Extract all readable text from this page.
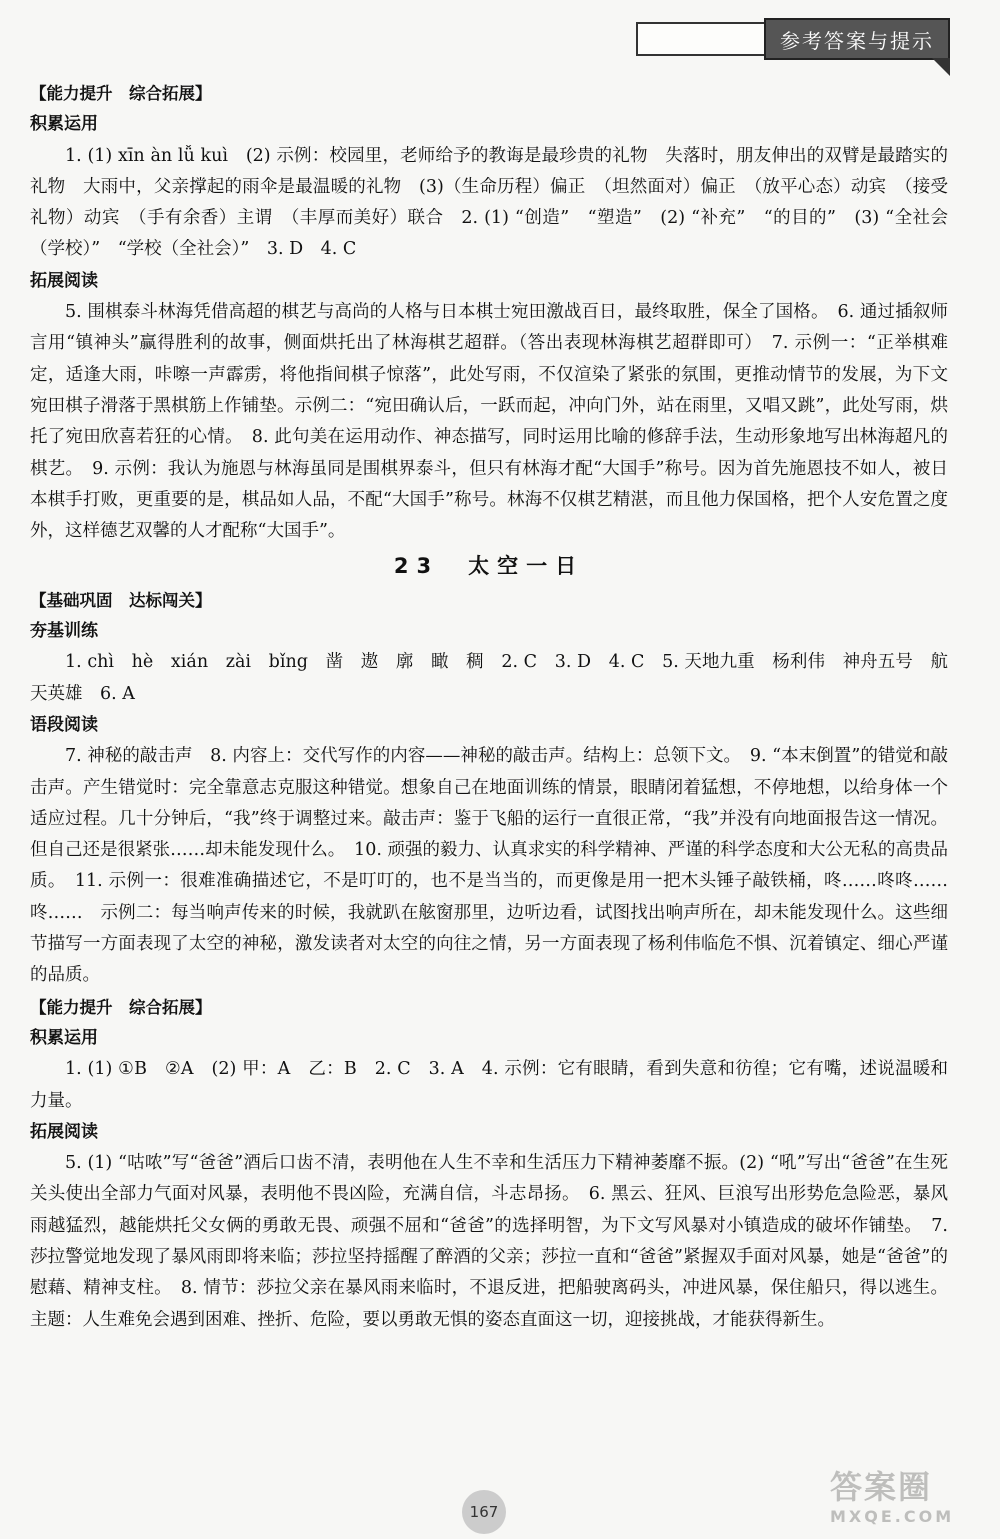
参考答案与提示
【能力提升　综合拓展】
积累运用
1. (1) xīn àn lǚ kuì　(2) 示例：校园里，老师给予的教诲是最珍贵的礼物　失落时，朋友伸出的双臂是最踏实的礼物　大雨中，父亲撑起的雨伞是最温暖的礼物　(3)（生命历程）偏正　（坦然面对）偏正　（放平心态）动宾　（接受礼物）动宾　（手有余香）主谓　（丰厚而美好）联合　2. (1) “创造”　“塑造”　(2) “补充”　“的目的”　(3) “全社会（学校）”　“学校（全社会）”　3. D　4. C
拓展阅读
5. 围棋泰斗林海凭借高超的棋艺与高尚的人格与日本棋士宛田激战百日，最终取胜，保全了国格。　6. 通过插叙师言用“镇神头”赢得胜利的故事，侧面烘托出了林海棋艺超群。（答出表现林海棋艺超群即可）　7. 示例一：“正举棋难定，适逢大雨，咔嚓一声霹雳，将他指间棋子惊落”，此处写雨，不仅渲染了紧张的氛围，更推动情节的发展，为下文宛田棋子滑落于黑棋筋上作铺垫。示例二：“宛田确认后，一跃而起，冲向门外，站在雨里，又唱又跳”，此处写雨，烘托了宛田欣喜若狂的心情。　8. 此句美在运用动作、神态描写，同时运用比喻的修辞手法，生动形象地写出林海超凡的棋艺。　9. 示例：我认为施恩与林海虽同是围棋界泰斗，但只有林海才配“大国手”称号。因为首先施恩技不如人，被日本棋手打败，更重要的是，棋品如人品，不配“大国手”称号。林海不仅棋艺精湛，而且他力保国格，把个人安危置之度外，这样德艺双馨的人才配称“大国手”。
23　太空一日
【基础巩固　达标闯关】
夯基训练
1. chì　hè　xián　zài　bǐng　凿　遨　廓　瞰　稠　2. C　3. D　4. C　5. 天地九重　杨利伟　神舟五号　航天英雄　6. A
语段阅读
7. 神秘的敲击声　8. 内容上：交代写作的内容——神秘的敲击声。结构上：总领下文。　9. “本末倒置”的错觉和敲击声。产生错觉时：完全靠意志克服这种错觉。想象自己在地面训练的情景，眼睛闭着猛想，不停地想，以给身体一个适应过程。几十分钟后，“我”终于调整过来。敲击声：鉴于飞船的运行一直很正常，“我”并没有向地面报告这一情况。但自己还是很紧张……却未能发现什么。　10. 顽强的毅力、认真求实的科学精神、严谨的科学态度和大公无私的高贵品质。　11. 示例一：很难准确描述它，不是叮叮的，也不是当当的，而更像是用一把木头锤子敲铁桶，咚……咚咚……咚……　示例二：每当响声传来的时候，我就趴在舷窗那里，边听边看，试图找出响声所在，却未能发现什么。这些细节描写一方面表现了太空的神秘，激发读者对太空的向往之情，另一方面表现了杨利伟临危不惧、沉着镇定、细心严谨的品质。
【能力提升　综合拓展】
积累运用
1. (1) ①B　②A　(2) 甲：A　乙：B　2. C　3. A　4. 示例：它有眼睛，看到失意和彷徨；它有嘴，述说温暖和力量。
拓展阅读
5. (1) “咕哝”写“爸爸”酒后口齿不清，表明他在人生不幸和生活压力下精神萎靡不振。(2) “吼”写出“爸爸”在生死关头使出全部力气面对风暴，表明他不畏凶险，充满自信，斗志昂扬。　6. 黑云、狂风、巨浪写出形势危急险恶，暴风雨越猛烈，越能烘托父女俩的勇敢无畏、顽强不屈和“爸爸”的选择明智，为下文写风暴对小镇造成的破坏作铺垫。　7. 莎拉警觉地发现了暴风雨即将来临；莎拉坚持摇醒了醉酒的父亲；莎拉一直和“爸爸”紧握双手面对风暴，她是“爸爸”的慰藉、精神支柱。　8. 情节：莎拉父亲在暴风雨来临时，不退反进，把船驶离码头，冲进风暴，保住船只，得以逃生。主题：人生难免会遇到困难、挫折、危险，要以勇敢无惧的姿态直面这一切，迎接挑战，才能获得新生。
167
答案圈
MXQE.COM
